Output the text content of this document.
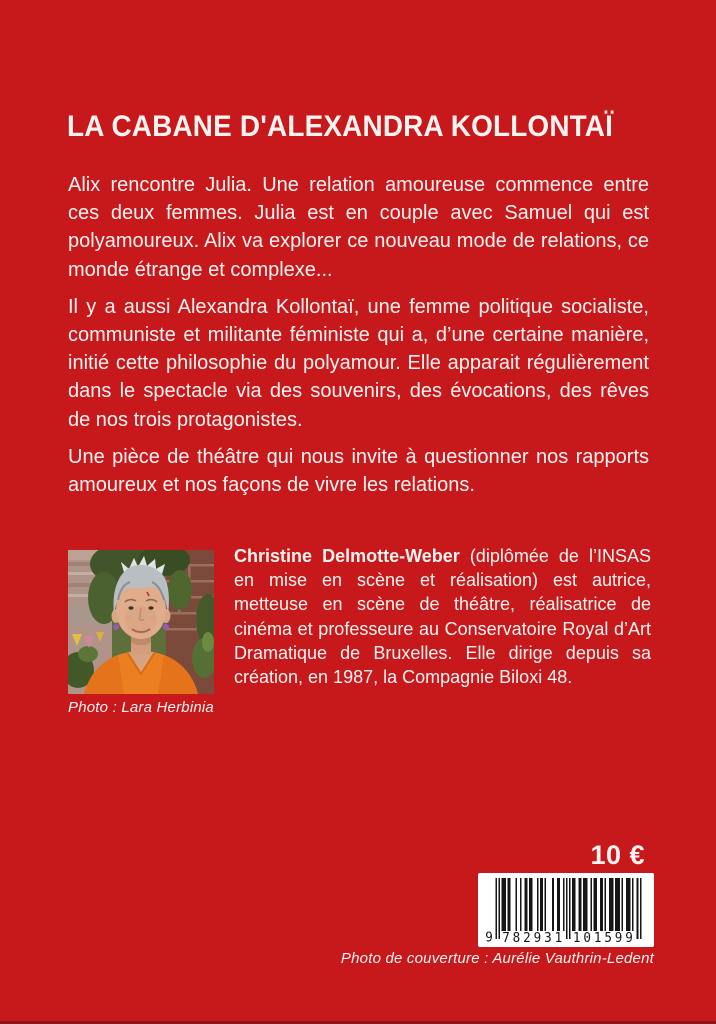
LA CABANE D'ALEXANDRA KOLLONTAÏ

Alix rencontre Julia. Une relation amoureuse commence entre ces deux femmes. Julia est en couple avec Samuel qui est polyamoureux. Alix va explorer ce nouveau mode de relations, ce monde étrange et complexe...

Il y a aussi Alexandra Kollontaï, une femme politique socialiste, communiste et militante féministe qui a, d’une certaine manière, initié cette philosophie du polyamour. Elle apparait régulièrement dans le spectacle via des souvenirs, des évocations, des rêves de nos trois protagonistes.

Une pièce de théâtre qui nous invite à questionner nos rapports amoureux et nos façons de vivre les relations.

Photo : Lara Herbinia

Christine Delmotte-Weber (diplômée de l’INSAS en mise en scène et réalisation) est autrice, metteuse en scène de théâtre, réalisatrice de cinéma et professeure au Conservatoire Royal d’Art Dramatique de Bruxelles. Elle dirige depuis sa création, en 1987, la Compagnie Biloxi 48.

10 €
9 782931 101599
Photo de couverture : Aurélie Vauthrin-Ledent
